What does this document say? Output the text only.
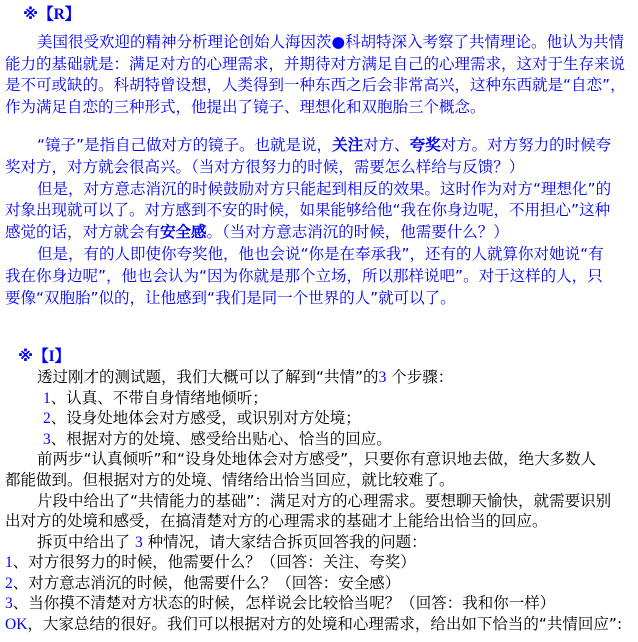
※【R】
美国很受欢迎的精神分析理论创始人海因茨●科胡特深入考察了共情理论。他认为共情
能力的基础就是：满足对方的心理需求，并期待对方满足自己的心理需求，这对于生存来说
是不可或缺的。科胡特曾设想，人类得到一种东西之后会非常高兴，这种东西就是“自恋”，
作为满足自恋的三种形式，他提出了镜子、理想化和双胞胎三个概念。
“镜子”是指自己做对方的镜子。也就是说，关注对方、夸奖对方。对方努力的时候夸
奖对方，对方就会很高兴。（当对方很努力的时候，需要怎么样给与反馈？）
但是，对方意志消沉的时候鼓励对方只能起到相反的效果。这时作为对方“理想化”的
对象出现就可以了。对方感到不安的时候，如果能够给他“我在你身边呢，不用担心”这种
感觉的话，对方就会有安全感。（当对方意志消沉的时候，他需要什么？）
但是，有的人即使你夸奖他，他也会说“你是在奉承我”，还有的人就算你对她说“有
我在你身边呢”，他也会认为“因为你就是那个立场，所以那样说吧”。对于这样的人，只
要像“双胞胎”似的，让他感到“我们是同一个世界的人”就可以了。
※【I】
透过刚才的测试题，我们大概可以了解到“共情”的3 个步骤：
1、认真、不带自身情绪地倾听；
2、设身处地体会对方感受，或识别对方处境；
3、根据对方的处境、感受给出贴心、恰当的回应。
前两步“认真倾听”和“设身处地体会对方感受”，只要你有意识地去做，绝大多数人
都能做到。但根据对方的处境、情绪给出恰当回应，就比较难了。
片段中给出了“共情能力的基础”：满足对方的心理需求。要想聊天愉快，就需要识别
出对方的处境和感受，在搞清楚对方的心理需求的基础才上能给出恰当的回应。
拆页中给出了 3 种情况，请大家结合拆页回答我的问题：
1、对方很努力的时候，他需要什么？（回答：关注、夸奖）
2、对方意志消沉的时候，他需要什么？（回答：安全感）
3、当你摸不清楚对方状态的时候，怎样说会比较恰当呢？（回答：我和你一样）
OK，大家总结的很好。我们可以根据对方的处境和心理需求，给出如下恰当的“共情回应”:
